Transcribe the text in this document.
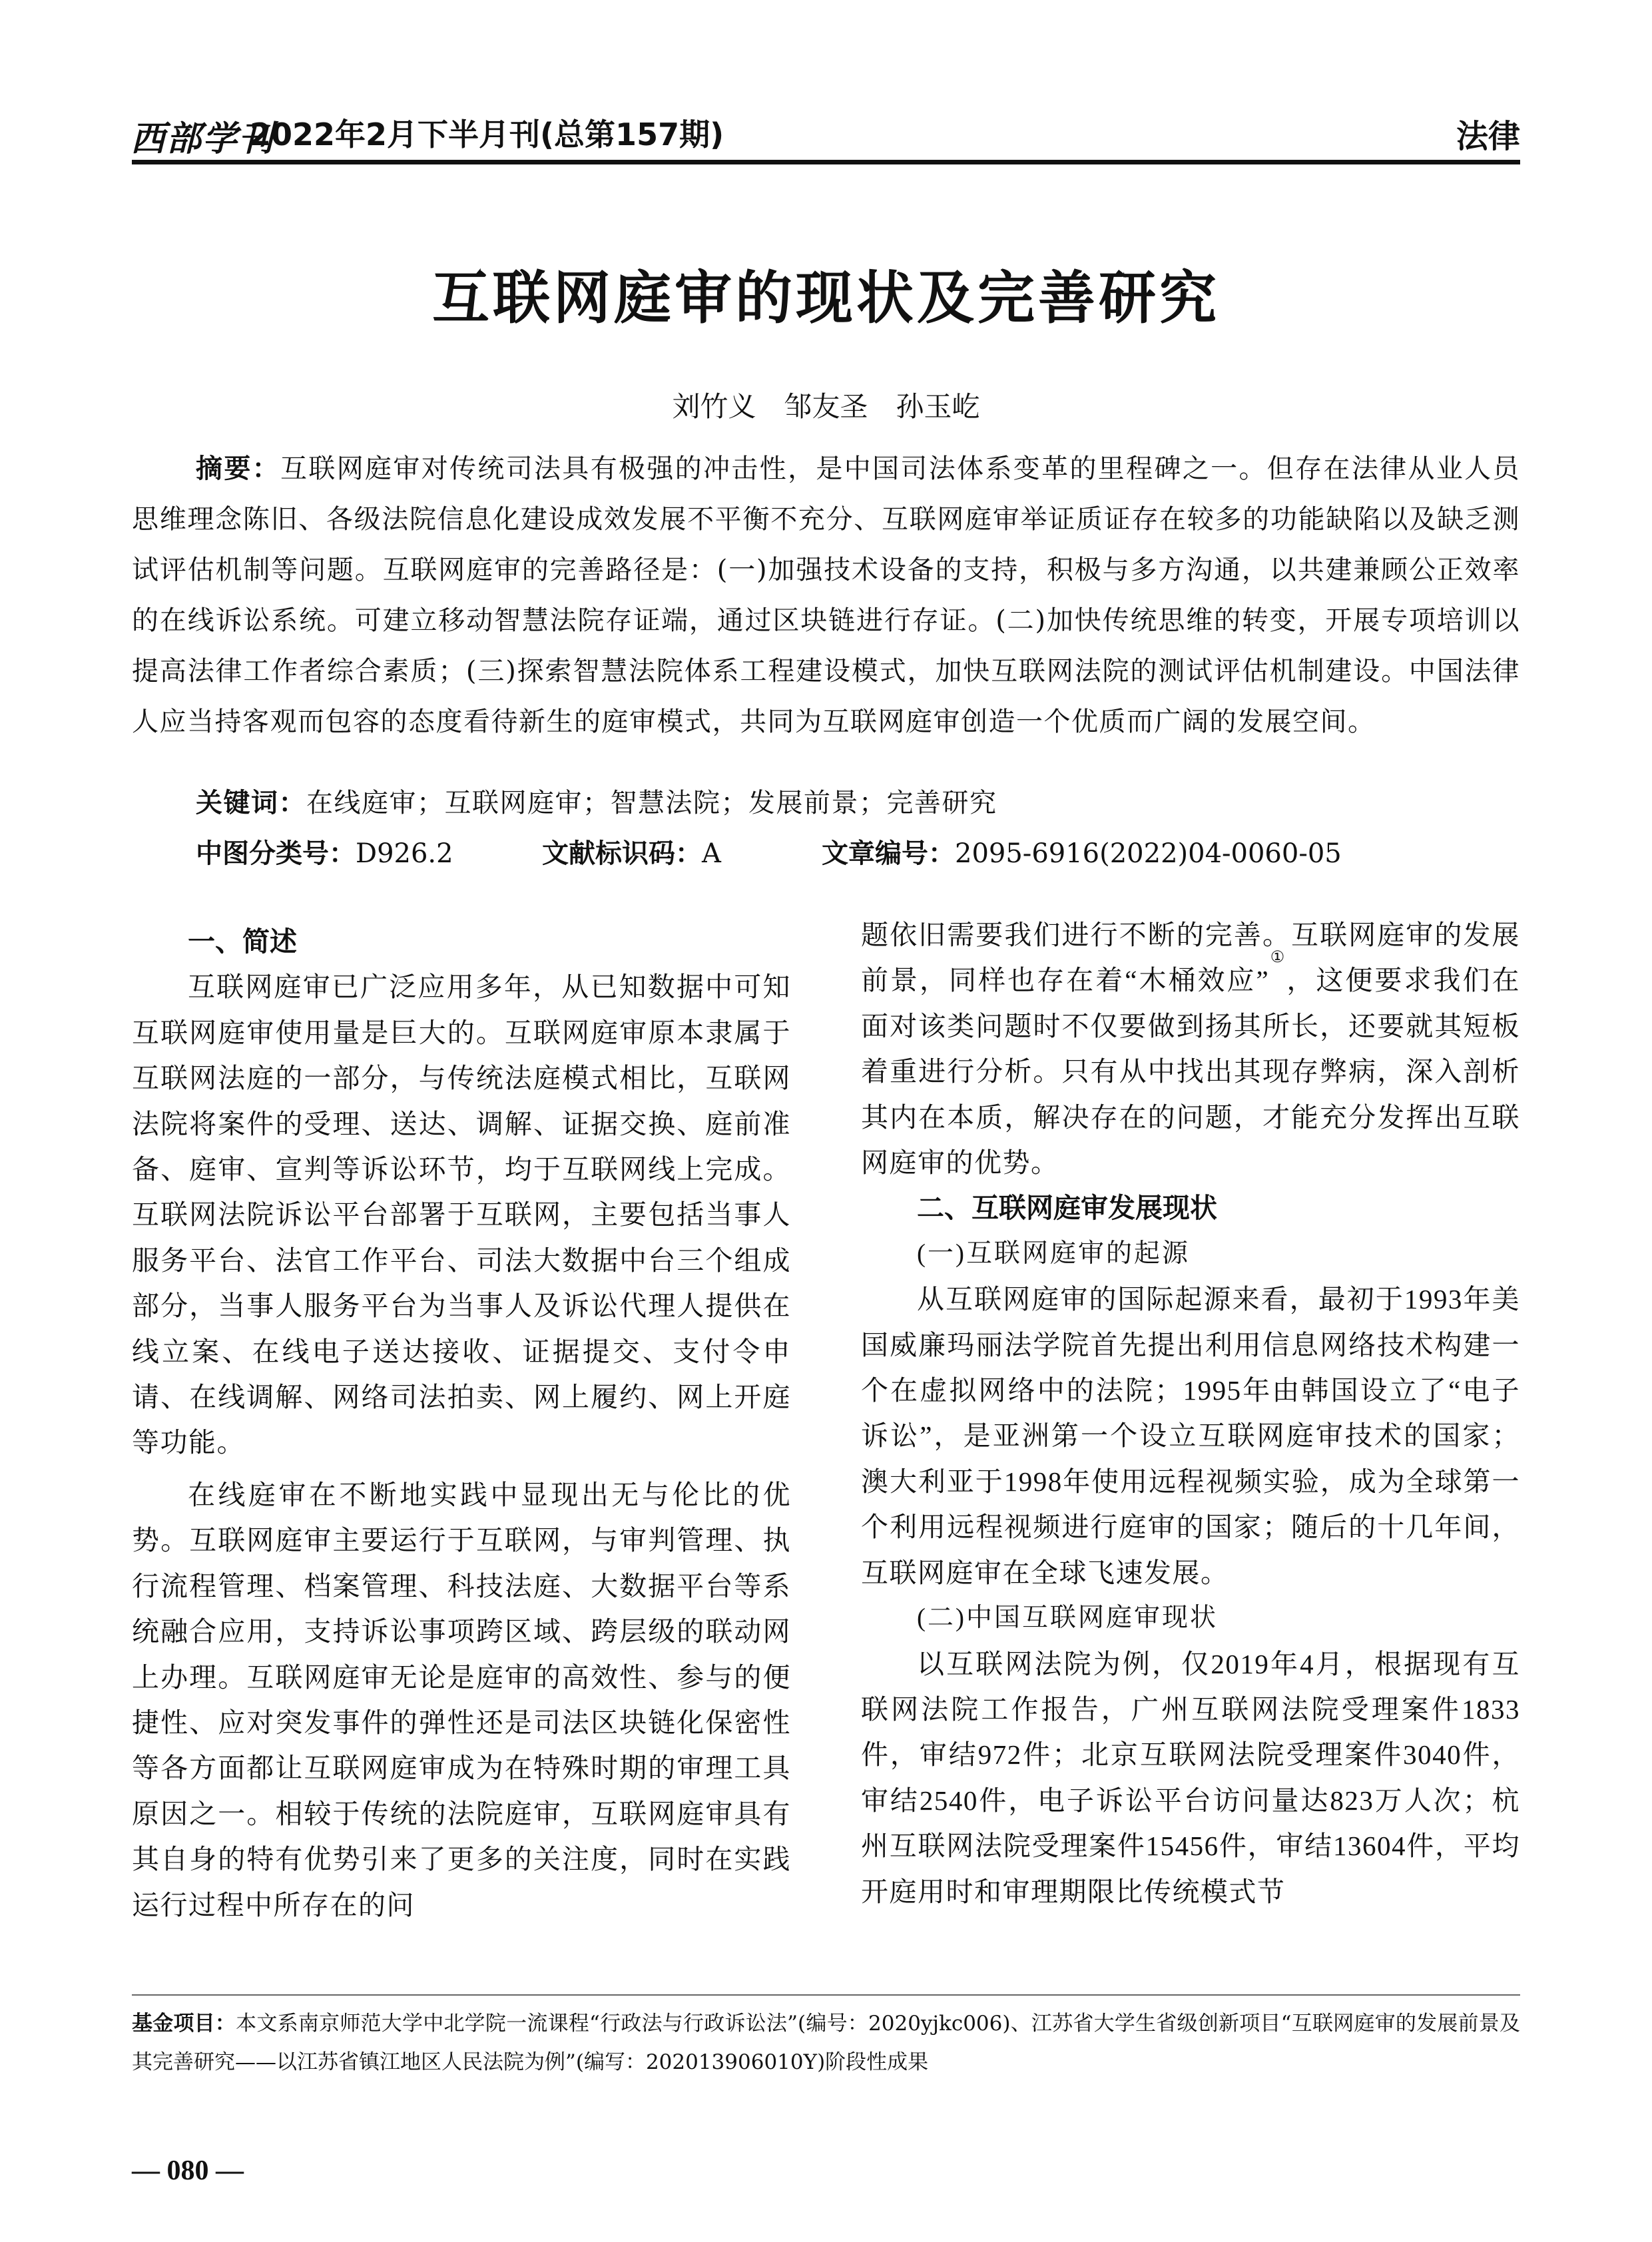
西部学刊
2022年2月下半月刊(总第157期)	法律
互联网庭审的现状及完善研究
刘竹义　邹友圣　孙玉屹
摘要：互联网庭审对传统司法具有极强的冲击性，是中国司法体系变革的里程碑之一。但存在法律从业人员思维理念陈旧、各级法院信息化建设成效发展不平衡不充分、互联网庭审举证质证存在较多的功能缺陷以及缺乏测试评估机制等问题。互联网庭审的完善路径是：(一)加强技术设备的支持，积极与多方沟通，以共建兼顾公正效率的在线诉讼系统。可建立移动智慧法院存证端，通过区块链进行存证。(二)加快传统思维的转变，开展专项培训以提高法律工作者综合素质；(三)探索智慧法院体系工程建设模式，加快互联网法院的测试评估机制建设。中国法律人应当持客观而包容的态度看待新生的庭审模式，共同为互联网庭审创造一个优质而广阔的发展空间。
关键词：在线庭审；互联网庭审；智慧法院；发展前景；完善研究
中图分类号：D926.2	文献标识码：A	文章编号：2095-6916(2022)04-0060-05
一、简述

互联网庭审已广泛应用多年，从已知数据中可知互联网庭审使用量是巨大的。互联网庭审原本隶属于互联网法庭的一部分，与传统法庭模式相比，互联网法院将案件的受理、送达、调解、证据交换、庭前准备、庭审、宣判等诉讼环节，均于互联网线上完成。互联网法院诉讼平台部署于互联网，主要包括当事人服务平台、法官工作平台、司法大数据中台三个组成部分，当事人服务平台为当事人及诉讼代理人提供在线立案、在线电子送达接收、证据提交、支付令申请、在线调解、网络司法拍卖、网上履约、网上开庭等功能。

在线庭审在不断地实践中显现出无与伦比的优势。互联网庭审主要运行于互联网，与审判管理、执行流程管理、档案管理、科技法庭、大数据平台等系统融合应用，支持诉讼事项跨区域、跨层级的联动网上办理。互联网庭审无论是庭审的高效性、参与的便捷性、应对突发事件的弹性还是司法区块链化保密性等各方面都让互联网庭审成为在特殊时期的审理工具原因之一。相较于传统的法院庭审，互联网庭审具有其自身的特有优势引来了更多的关注度，同时在实践运行过程中所存在的问

题依旧需要我们进行不断的完善。互联网庭审的发展前景，同样也存在着“木桶效应”①，这便要求我们在面对该类问题时不仅要做到扬其所长，还要就其短板着重进行分析。只有从中找出其现存弊病，深入剖析其内在本质，解决存在的问题，才能充分发挥出互联网庭审的优势。

二、互联网庭审发展现状
(一)互联网庭审的起源

从互联网庭审的国际起源来看，最初于1993年美国威廉玛丽法学院首先提出利用信息网络技术构建一个在虚拟网络中的法院；1995年由韩国设立了“电子诉讼”，是亚洲第一个设立互联网庭审技术的国家；澳大利亚于1998年使用远程视频实验，成为全球第一个利用远程视频进行庭审的国家；随后的十几年间，互联网庭审在全球飞速发展。

(二)中国互联网庭审现状

以互联网法院为例，仅2019年4月，根据现有互联网法院工作报告，广州互联网法院受理案件1833件，审结972件；北京互联网法院受理案件3040件，审结2540件，电子诉讼平台访问量达823万人次；杭州互联网法院受理案件15456件，审结13604件，平均开庭用时和审理期限比传统模式节

基金项目：本文系南京师范大学中北学院一流课程“行政法与行政诉讼法”(编号：2020yjkc006)、江苏省大学生省级创新项目“互联网庭审的发展前景及其完善研究——以江苏省镇江地区人民法院为例”(编写：202013906010Y)阶段性成果
— 080 —
